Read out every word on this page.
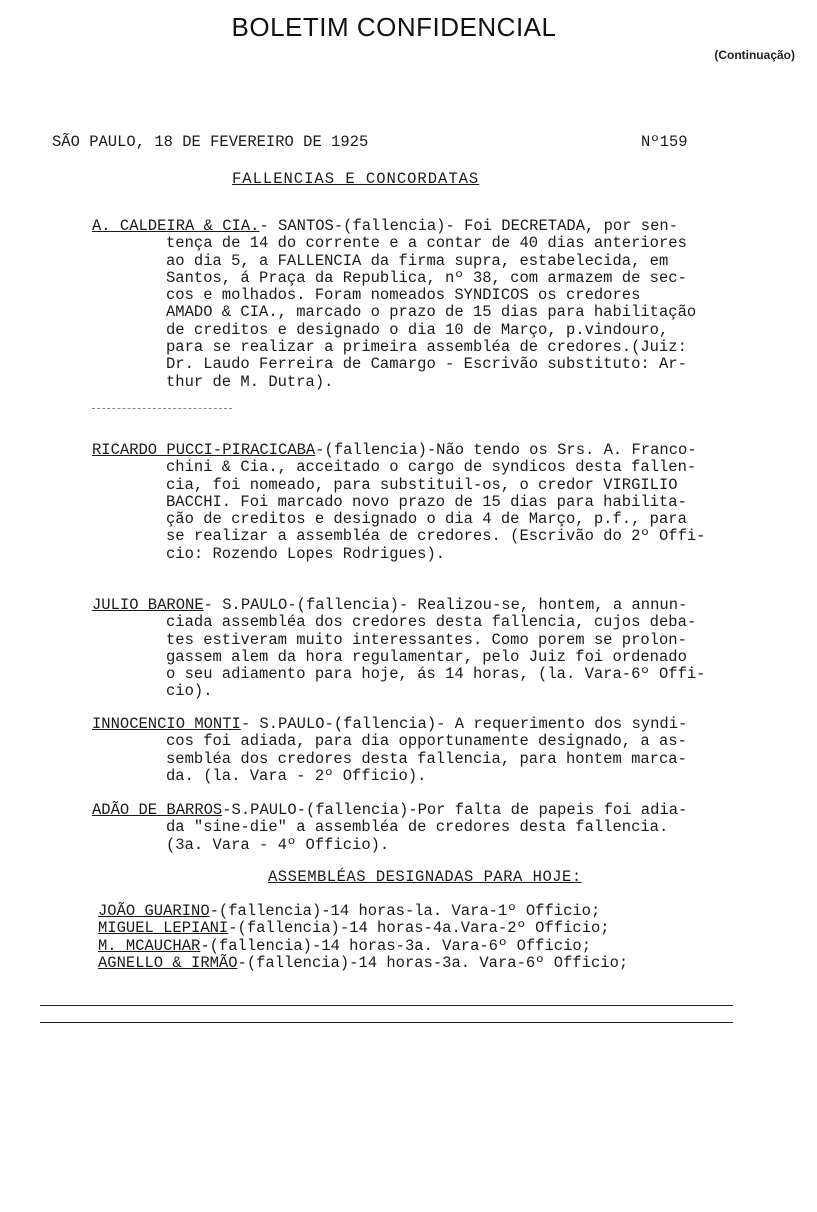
BOLETIM CONFIDENCIAL
(Continuação)
SÃO PAULO, 18 DE FEVEREIRO DE 1925	Nº159
FALLENCIAS E CONCORDATAS
A. CALDEIRA & CIA.- SANTOS-(fallencia)- Foi DECRETADA, por sen-
tença de 14 do corrente e a contar de 40 dias anteriores
ao dia 5, a FALLENCIA da firma supra, estabelecida, em
Santos, á Praça da Republica, nº 38, com armazem de sec-
cos e molhados. Foram nomeados SYNDICOS os credores
AMADO & CIA., marcado o prazo de 15 dias para habilitação
de creditos e designado o dia 10 de Março, p.vindouro,
para se realizar a primeira assembléa de credores.(Juiz:
Dr. Laudo Ferreira de Camargo - Escrivão substituto: Ar-
thur de M. Dutra).
RICARDO PUCCI-PIRACICABA-(fallencia)-Não tendo os Srs. A. Franco-
chini & Cia., acceitado o cargo de syndicos desta fallen-
cia, foi nomeado, para substituil-os, o credor VIRGILIO
BACCHI. Foi marcado novo prazo de 15 dias para habilita-
ção de creditos e designado o dia 4 de Março, p.f., para
se realizar a assembléa de credores. (Escrivão do 2º Offi-
cio: Rozendo Lopes Rodrigues).
JULIO BARONE- S.PAULO-(fallencia)- Realizou-se, hontem, a annun-
ciada assembléa dos credores desta fallencia, cujos deba-
tes estiveram muito interessantes. Como porem se prolon-
gassem alem da hora regulamentar, pelo Juiz foi ordenado
o seu adiamento para hoje, ás 14 horas, (la. Vara-6º Offi-
cio).
INNOCENCIO MONTI- S.PAULO-(fallencia)- A requerimento dos syndi-
cos foi adiada, para dia opportunamente designado, a as-
sembléa dos credores desta fallencia, para hontem marca-
da. (la. Vara - 2º Officio).
ADÃO DE BARROS-S.PAULO-(fallencia)-Por falta de papeis foi adia-
da "sine-die" a assembléa de credores desta fallencia.
(3a. Vara - 4º Officio).
ASSEMBLÉAS DESIGNADAS PARA HOJE:
JOÃO GUARINO-(fallencia)-14 horas-la. Vara-1º Officio;
MIGUEL LEPIANI-(fallencia)-14 horas-4a.Vara-2º Officio;
M. MCAUCHAR-(fallencia)-14 horas-3a. Vara-6º Officio;
AGNELLO & IRMÃO-(fallencia)-14 horas-3a. Vara-6º Officio;
